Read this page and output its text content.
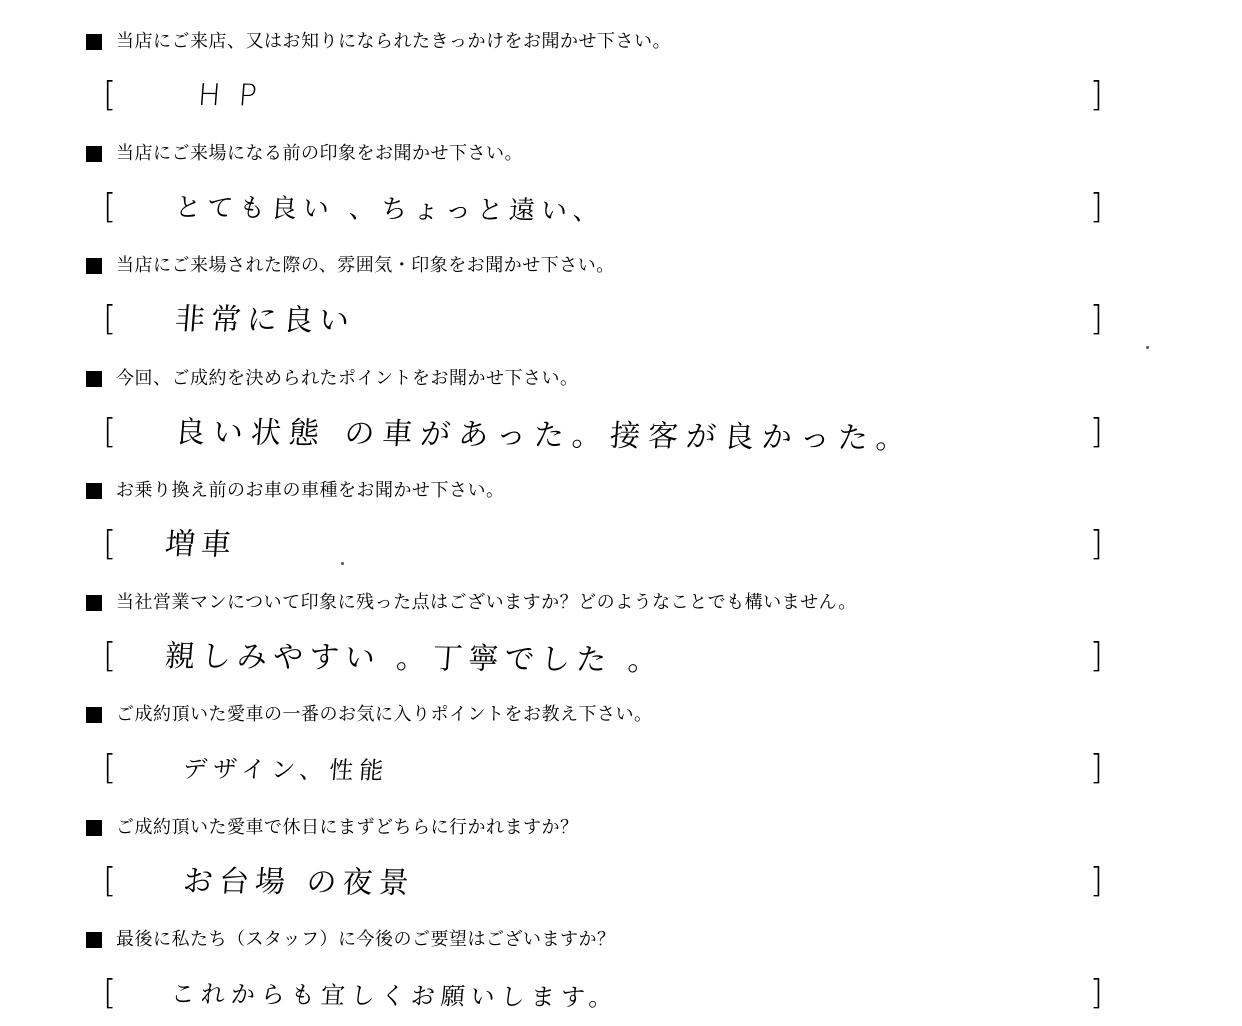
当店にご来店、又はお知りになられたきっかけをお聞かせ下さい。
[	HP	]
当店にご来場になる前の印象をお聞かせ下さい。
[ とても良い 、ちょっと遠い、	]
当店にご来場された際の、雰囲気・印象をお聞かせ下さい。
[ 非常に良い	]
今回、ご成約を決められたポイントをお聞かせ下さい。
[ 良い状態 の車があった。接客が良かった。	]
お乗り換え前のお車の車種をお聞かせ下さい。
[ 増車	]
当社営業マンについて印象に残った点はございますか？どのようなことでも構いません。
[ 親しみやすい 。丁寧でした 。	]
ご成約頂いた愛車の一番のお気に入りポイントをお教え下さい。
[	デザイン、性能	]
ご成約頂いた愛車で休日にまずどちらに行かれますか？
[ お台場 の夜景	]
最後に私たち（スタッフ）に今後のご要望はございますか？
[ これからも宜しくお願いします。	]
